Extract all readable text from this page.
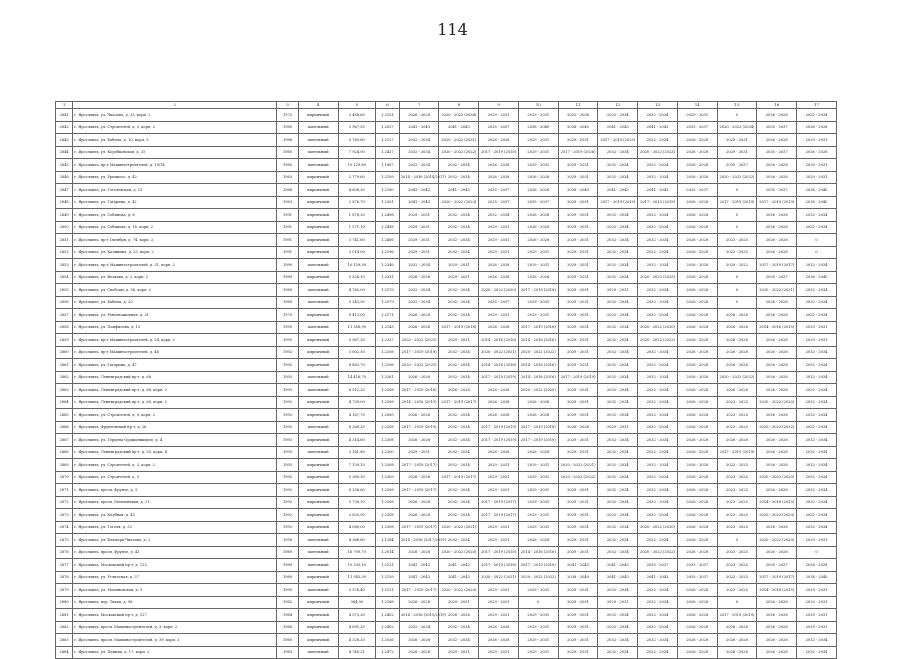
114
1	2	3	4	5	6	7	8	9	10	11	12	13	14	15	16	17
2841	г. Ярославль, ул. Чкалова, д. 23, корп. 2	1972	кирпичный	3 488,60	1,2151	2026 - 2028	2020 - 2022 (2034)	2029 - 2031	2029 - 2031	2032 - 2034	2032 - 2034	2032 - 2034	2029 - 2031	0	2026 - 2028	2032 - 2034
2842	г. Ярославль, ул. Строителей, д. 5, корп. 2	1985	панельный	3 967,50	1,2027	2041 - 2043	2041 - 2043	2035 - 2037	2038 - 2040	2038 - 2040	2041 - 2043	2041 - 2043	2035 - 2037	2020 - 2022 (2034)	2035 - 2037	2026 - 2028
2843	г. Ярославль, ул. Бабича, д. 10, корп. 3	1986	панельный	5 769,60	1,2127	2032 - 2034	2020 - 2022 (2031)	2026 - 2028	2029 - 2031	2029 - 2031	2017 - 2019 (2025)	2032 - 2034	2026 - 2028	2029 - 2031	2026 - 2028	2029 - 2031
2844	г. Ярославль, ул. Коробковская, д. 25	1980	панельный	7 924,90	1,2427	2032 - 2034	2020 - 2022 (2022)	2017 - 2019 (2018)	2029 - 2031	2017 - 2019 (2026)	2032 - 2034	2020 - 2022 (2023)	2026 - 2028	2029 - 2031	2035 - 2037	2026 - 2028
2845	г. Ярославль, пр-т Машиностроителей, д. 19/14	1985	панельный	10 129,80	1,1807	2032 - 2034	2032 - 2034	2026 - 2028	2029 - 2031	2029 - 2031	2032 - 2034	2032 - 2034	2026 - 2028	2035 - 2037	2026 - 2028	2029 - 2031
2846	г. Ярославль, ул. Урицкого, д. 42	1983	кирпичный	2 779,60	1,2109	2014 - 2016 (2014/2017)	2032 - 2034	2026 - 2028	2026 - 2028	2029 - 2031	2032 - 2034	2032 - 2034	2026 - 2028	2020 - 2022 (2022)	2026 - 2028	2029 - 2031
2847	г. Ярославль, ул. Гоголевская, д. 13	1988	кирпичный	4 608,30	1,2180	2041 - 2043	2041 - 2043	2035 - 2037	2026 - 2028	2038 - 2040	2041 - 2043	2041 - 2043	2035 - 2037	0	2035 - 2037	2038 - 2040
2848	г. Ярославль, ул. Гагарина, д. 42	1983	кирпичный	2 876,70	1,2301	2041 - 2043	2020 - 2022 (2023)	2035 - 2037	2035 - 2037	2029 - 2031	2017 - 2019 (2019)	2017 - 2019 (2019)	2026 - 2028	2017 - 2019 (2019)	2017 - 2019 (2019)	2038 - 2040
2849	г. Ярославль, ул. Собинова, д. 6	1991	кирпичный	1 878,30	1,2498	2029 - 2031	2032 - 2034	2032 - 2034	2026 - 2028	2029 - 2031	2032 - 2034	2032 - 2034	2026 - 2028	0	2026 - 2028	2032 - 2034
2850	г. Ярославль, ул. Собинова, д. 18, корп. 2	1991	кирпичный	1 571,10	1,2498	2029 - 2031	2032 - 2034	2029 - 2031	2026 - 2028	2029 - 2031	2032 - 2034	2032 - 2034	2026 - 2028	0	2026 - 2028	2032 - 2034
2851	г. Ярославль, пр-т Октября, д. 74, корп. 2	1991	кирпичный	3 741,60	1,2406	2029 - 2031	2032 - 2034	2029 - 2031	2026 - 2028	2029 - 2031	2032 - 2034	2032 - 2034	2026 - 2028	2023 - 2025	2026 - 2028	0
2852	г. Ярославль, ул. Калинина, д. 33, корп. 2	1991	кирпичный	3 014,00	1,2196	2029 - 2031	2032 - 2034	2029 - 2031	2029 - 2031	2029 - 2031	2032 - 2034	2032 - 2034	2026 - 2028	2023 - 2025	2026 - 2028	0
2853	г. Ярославль, пр-т Машиностроителей, д. 31, корп. 2	1990	панельный	10 159,30	1,2346	2032 - 2034	2029 - 2031	2026 - 2028	2029 - 2031	2029 - 2031	2032 - 2034	2032 - 2034	2026 - 2028	2020 - 2022	2017 - 2019 (2017)	2032 - 2034
2854	г. Ярославль, ул. Волкова, д. 2, корп. 2	1989	кирпичный	5 528,10	1,2331	2026 - 2028	2029 - 2031	2026 - 2028	2026 - 2028	2029 - 2031	2032 - 2034	2020 - 2022 (2025)	2026 - 2028	0	2035 - 2037	2038 - 2040
2855	г. Ярославль, ул. Свободы, д. 58, корп. 2	1989	панельный	4 760,00	1,2179	2032 - 2034	2032 - 2034	2020 - 2022 (2020)	2017 - 2019 (2018)	2029 - 2031	2029 - 2031	2032 - 2034	2026 - 2028	0	2020 - 2022 (2021)	2032 - 2034
2856	г. Ярославль, ул. Бабича, д. 20	1989	панельный	5 343,50	1,2079	2032 - 2034	2032 - 2034	2035 - 2037	2029 - 2031	2029 - 2031	2032 - 2034	2032 - 2034	2026 - 2028	0	2026 - 2028	2032 - 2034
2857	г. Ярославль, ул. Революционная, д. 31	1970	кирпичный	9 413,00	1,2171	2026 - 2028	2032 - 2034	2029 - 2031	2029 - 2031	2029 - 2031	2032 - 2034	2032 - 2034	2026 - 2028	2026 - 2028	2026 - 2028	2032 - 2034
2858	г. Ярославль, ул. Панфилова, д. 15	1990	панельный	11 356,90	1,2143	2026 - 2028	2017 - 2019 (2018)	2026 - 2028	2017 - 2019 (2018)	2029 - 2031	2032 - 2034	2020 - 2022 (2020)	2026 - 2028	2026 - 2028	2014 - 2016 (2015)	2029 - 2031
2859	г. Ярославль, пр-т Машиностроителей, д. 54, корп. 2	1990	кирпичный	5 967,30	1,2327	2020 - 2022 (2021)	2029 - 2031	2014 - 2016 (2016)	2014 - 2016 (2016)	2029 - 2031	2032 - 2034	2020 - 2022 (2022)	2026 - 2028	2026 - 2028	2026 - 2028	2029 - 2031
2860	г. Ярославль, пр-т Машиностроителей, д. 46	1992	кирпичный	3 602,50	1,2208	2017 - 2019 (2019)	2032 - 2034	2020 - 2022 (2021)	2020 - 2022 (2022)	2029 - 2031	2032 - 2034	2032 - 2034	2026 - 2028	2026 - 2028	2026 - 2028	2032 - 2034
2861	г. Ярославль, ул. Гагарина, д. 47	1992	кирпичный	8 882,70	1,2106	2020 - 2022 (2021)	2032 - 2034	2014 - 2016 (2016)	2014 - 2016 (2016)	2029 - 2031	2032 - 2034	2032 - 2034	2026 - 2028	2026 - 2028	2026 - 2028	2032 - 2034
2862	г. Ярославль, Ленинградский пр-т, д. 68	1993	панельный	14 416,70	1,2261	2026 - 2028	2032 - 2034	2017 - 2019 (2019)	2014 - 2016 (2016)	2017 - 2019 (2019)	2032 - 2034	2032 - 2034	2026 - 2028	2020 - 2022 (2022)	2026 - 2028	2032 - 2034
2863	г. Ярославль, Ленинградский пр-т, д. 68, корп. 2	1993	панельный	8 512,20	1,2308	2017 - 2019 (2016)	2026 - 2028	2026 - 2028	2020 - 2022 (2020)	2029 - 2031	2032 - 2034	2032 - 2034	2026 - 2028	2026 - 2028	2026 - 2028	2032 - 2034
2864	г. Ярославль, Ленинградский пр-т, д. 60, корп. 2	1992	кирпичный	4 739,00	1,2308	2014 - 2016 (2015)	2017 - 2019 (2017)	2026 - 2028	2026 - 2028	2029 - 2031	2032 - 2034	2032 - 2034	2026 - 2028	2023 - 2025	2020 - 2022 (2020)	2032 - 2034
2865	г. Ярославль, ул. Строителей, д. 9, корп. 2	1992	кирпичный	4 167,70	1,2085	2026 - 2028	2032 - 2034	2026 - 2028	2026 - 2028	2029 - 2031	2032 - 2034	2032 - 2034	2026 - 2028	2023 - 2025	2026 - 2028	2032 - 2034
2866	г. Ярославль, Фрунзенский пр-т, д. 26	1993	панельный	8 269,20	1,2208	2017 - 2019 (2019)	2032 - 2034	2017 - 2019 (2019)	2017 - 2019 (2018)	2026 - 2028	2029 - 2031	2032 - 2034	2026 - 2028	2023 - 2025	2020 - 2022 (2022)	2032 - 2034
2867	г. Ярославль, ул. Герцена-Орджоникидзе, д. 4	1993	кирпичный	4 314,60	1,2308	2026 - 2028	2032 - 2034	2017 - 2019 (2019)	2017 - 2019 (2019)	2029 - 2031	2032 - 2034	2032 - 2034	2026 - 2028	2026 - 2028	2026 - 2028	2032 - 2034
2868	г. Ярославль, Ленинградский пр-т, д. 50, корп. 4	1993	панельный	3 161,80	1,2200	2029 - 2031	2032 - 2034	2026 - 2028	2026 - 2028	2029 - 2031	2032 - 2034	2032 - 2034	2026 - 2028	2017 - 2019 (2019)	2026 - 2028	2032 - 2034
2869	г. Ярославль, ул. Строителей, д. 3, корп. 2	1993	кирпичный	7 139,10	1,2308	2017 - 2019 (2017)	2032 - 2034	2029 - 2031	2029 - 2031	2020 - 2022 (2021)	2032 - 2034	2032 - 2034	2026 - 2028	2023 - 2025	2026 - 2028	2032 - 2034
2870	г. Ярославль, ул. Строителей, д. 5	1992	кирпичный	5 369,30	1,2309	2026 - 2028	2017 - 2019 (2017)	2029 - 2031	2029 - 2031	2020 - 2022 (2022)	2032 - 2034	2032 - 2034	2026 - 2028	2023 - 2025	2020 - 2022 (2020)	2032 - 2034
2871	г. Ярославль, просп. Фрунзе, д. 3	1992	кирпичный	8 256,60	1,2308	2017 - 2019 (2017)	2032 - 2034	2029 - 2031	2029 - 2031	2029 - 2031	2032 - 2034	2032 - 2034	2026 - 2028	2023 - 2025	2026 - 2028	2032 - 2034
2872	г. Ярославль, просп. Мельничная, д. 21	1992	кирпичный	3 739,10	1,2308	2026 - 2028	2032 - 2034	2017 - 2019 (2017)	2029 - 2031	2029 - 2031	2032 - 2034	2032 - 2034	2026 - 2028	2023 - 2025	2014 - 2016 (2015)	2032 - 2034
2873	г. Ярославль, ул. Клубная, д. 43	1992	кирпичный	2 820,90	1,2308	2026 - 2028	2032 - 2034	2017 - 2019 (2017)	2029 - 2031	2029 - 2031	2032 - 2034	2032 - 2034	2026 - 2028	2023 - 2025	2020 - 2022 (2020)	2032 - 2034
2874	г. Ярославль, ул. Гоголя, д. 32	1992	кирпичный	4 080,00	1,2308	2017 - 2019 (2017)	2020 - 2022 (2021)	2029 - 2031	2029 - 2031	2029 - 2031	2032 - 2034	2020 - 2022 (2020)	2026 - 2028	2023 - 2025	2026 - 2028	2032 - 2034
2875	г. Ярославль, ул. Блюхера-Чкалова, д. 2	1958	панельный	4 366,60	1,1284	2014 - 2016 (2017/2019)	2032 - 2034	2029 - 2031	2026 - 2028	2029 - 2031	2032 - 2034	2032 - 2034	2026 - 2028	0	2020 - 2022 (2020)	2029 - 2031
2876	г. Ярославль, просп. Фрунзе, д. 43	1989	панельный	16 709,70	1,2014	2026 - 2028	2020 - 2022 (2020)	2017 - 2019 (2018)	2014 - 2016 (2016)	2029 - 2031	2032 - 2034	2020 - 2022 (2022)	2026 - 2028	2023 - 2025	2026 - 2028	0
2877	г. Ярославль, Московский пр-т, д. 123	1989	панельный	10 293,10	1,2121	2041 - 2043	2041 - 2043	2017 - 2019 (2018)	2017 - 2019 (2018)	2041 - 2043	2041 - 2043	2035 - 2037	2035 - 2037	2023 - 2025	2035 - 2037	2026 - 2028
2878	г. Ярославль, ул. Угличская, д. 27	1989	кирпичный	11 545,50	1,2159	2041 - 2043	2041 - 2043	2020 - 2022 (2021)	2020 - 2022 (2022)	2038 - 2040	2041 - 2043	2041 - 2043	2035 - 2037	2023 - 2025	2017 - 2019 (2017)	2038 - 2040
2879	г. Ярославль, ул. Малиновская, д. 3	1990	панельный	3 576,40	1,2121	2017 - 2019 (2017)	2020 - 2022 (2020)	2029 - 2031	2029 - 2031	2029 - 2031	2032 - 2034	2032 - 2034	2026 - 2028	2023 - 2025	2014 - 2016 (2015)	2029 - 2031
2880	г. Ярославль, пер. Тихая, д. 98	1982	кирпичный	364,90	1,2166	2026 - 2028	2029 - 2031	2029 - 2031	0	2029 - 2031	2029 - 2031	2032 - 2034	2026 - 2028	0	2026 - 2028	2029 - 2031
2881	г. Ярославль, Московский пр-т, д. 127	1984	кирпичный	4 573,20	1,2402	2014 - 2016 (2015/2019)	2026 - 2028	2029 - 2031	2029 - 2031	2029 - 2031	2032 - 2034	2032 - 2034	2026 - 2028	2017 - 2019 (2019)	2026 - 2028	2029 - 2031
2882	г. Ярославль, просп. Машиностроителей, д. 3, корп. 2	1986	кирпичный	4 891,20	1,2402	2032 - 2034	2032 - 2034	2026 - 2028	2029 - 2031	2029 - 2031	2032 - 2034	2032 - 2034	2026 - 2028	2026 - 2028	2026 - 2028	2029 - 2031
2883	г. Ярославль, просп. Машиностроителей, д. 39, корп. 2	1980	кирпичный	4 326,20	1,2036	2026 - 2028	2032 - 2034	2026 - 2028	2029 - 2031	2029 - 2031	2032 - 2034	2032 - 2034	2026 - 2028	2026 - 2028	2026 - 2028	2032 - 2034
2884	г. Ярославль, ул. Панина, д. 17, корп. 2	1983	панельный	4 740,21	1,2472	2026 - 2028	2029 - 2031	2029 - 2031	2029 - 2031	2029 - 2031	2032 - 2034	2032 - 2034	2026 - 2028	2026 - 2028	2026 - 2028	2032 - 2034
